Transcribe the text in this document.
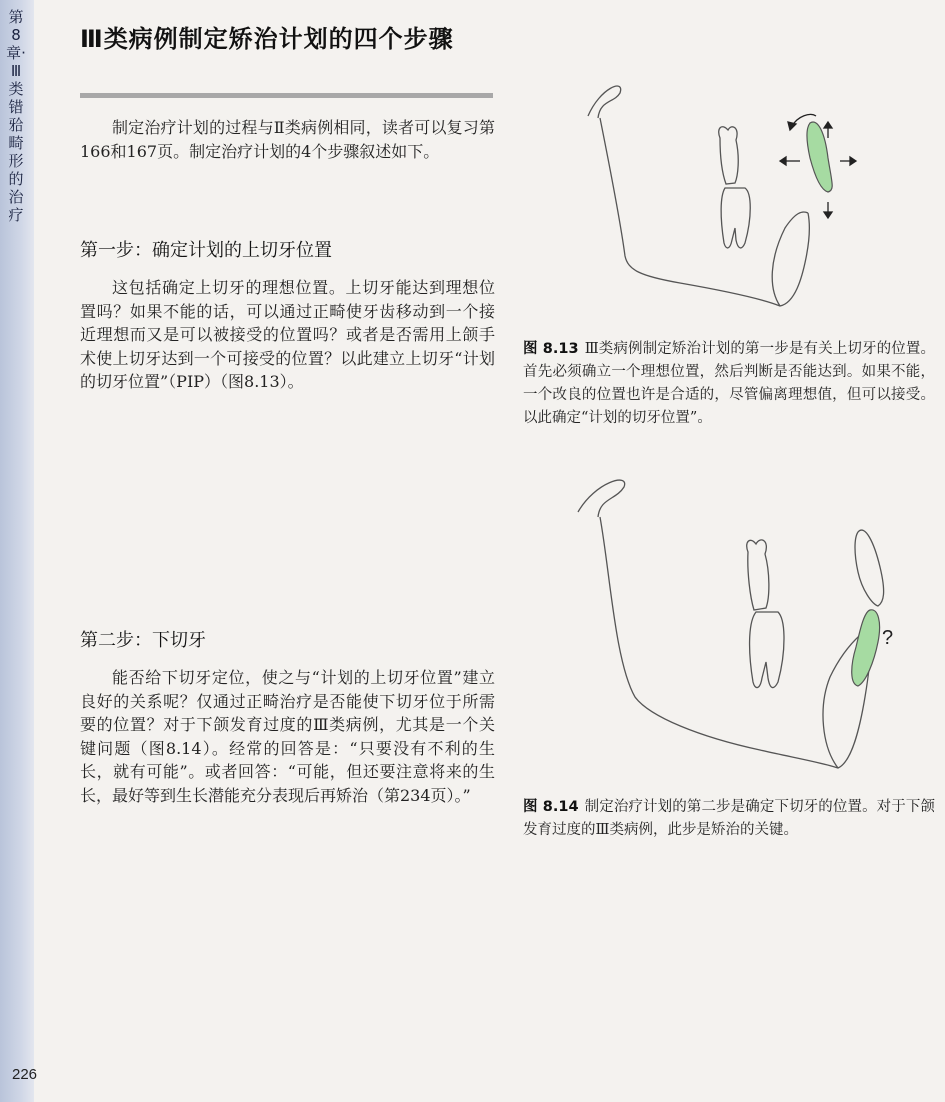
第8章·Ⅲ类错𬌗畸形的治疗
226
Ⅲ类病例制定矫治计划的四个步骤

制定治疗计划的过程与Ⅱ类病例相同，读者可以复习第166和167页。制定治疗计划的4个步骤叙述如下。

第一步：确定计划的上切牙位置

这包括确定上切牙的理想位置。上切牙能达到理想位置吗？如果不能的话，可以通过正畸使牙齿移动到一个接近理想而又是可以被接受的位置吗？或者是否需用上颌手术使上切牙达到一个可接受的位置？以此建立上切牙“计划的切牙位置”（PIP）（图8.13）。

第二步：下切牙

能否给下切牙定位，使之与“计划的上切牙位置”建立良好的关系呢？仅通过正畸治疗是否能使下切牙位于所需要的位置？对于下颌发育过度的Ⅲ类病例，尤其是一个关键问题（图8.14）。经常的回答是：“只要没有不利的生长，就有可能”。或者回答：“可能，但还要注意将来的生长，最好等到生长潜能充分表现后再矫治（第234页）。”

图 8.13 Ⅲ类病例制定矫治计划的第一步是有关上切牙的位置。首先必须确立一个理想位置，然后判断是否能达到。如果不能，一个改良的位置也许是合适的，尽管偏离理想值，但可以接受。以此确定“计划的切牙位置”。
?
图 8.14 制定治疗计划的第二步是确定下切牙的位置。对于下颌发育过度的Ⅲ类病例，此步是矫治的关键。
